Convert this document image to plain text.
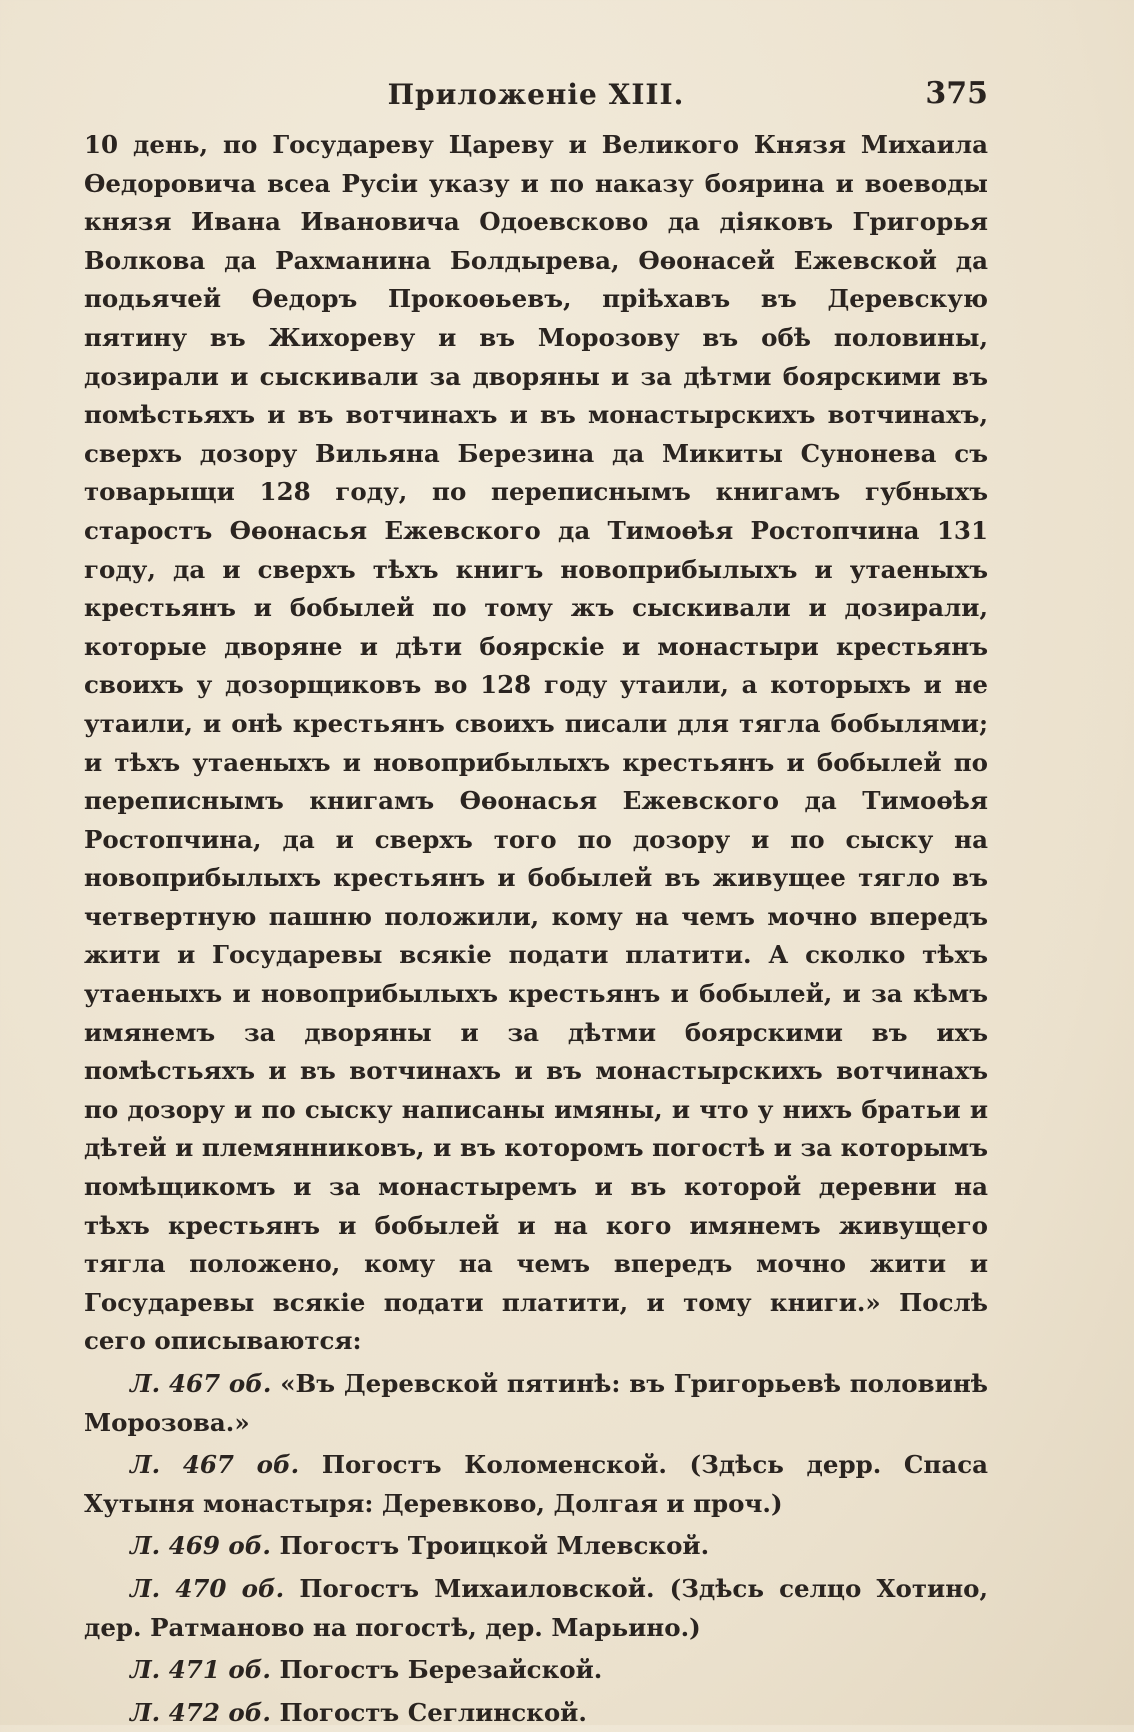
Приложеніе XIII.	375

10 день, по Государеву Цареву и Великого Князя Михаила Өедоровича всеа Русіи указу и по наказу боярина и воеводы князя Ивана Ивановича Одоевсково да діяковъ Григорья Волкова да Рахманина Болдырева, Өөонасей Ежевской да подьячей Өедоръ Прокоөьевъ, пріѣхавъ въ Деревскую пятину въ Жихореву и въ Морозову въ обѣ половины, дозирали и сыскивали за дворяны и за дѣтми боярскими въ помѣстьяхъ и въ вотчинахъ и въ монастырскихъ вотчинахъ, сверхъ дозору Вильяна Березина да Микиты Сунонева съ товарыщи 128 году, по переписнымъ книгамъ губныхъ старостъ Өөонасья Ежевского да Тимоөѣя Ростопчина 131 году, да и сверхъ тѣхъ книгъ новоприбылыхъ и утаеныхъ крестьянъ и бобылей по тому жъ сыскивали и дозирали, которые дворяне и дѣти боярскіе и монастыри крестьянъ своихъ у дозорщиковъ во 128 году утаили, а которыхъ и не утаили, и онѣ крестьянъ своихъ писали для тягла бобылями; и тѣхъ утаеныхъ и новоприбылыхъ крестьянъ и бобылей по переписнымъ книгамъ Өөонасья Ежевского да Тимоөѣя Ростопчина, да и сверхъ того по дозору и по сыску на новоприбылыхъ крестьянъ и бобылей въ живущее тягло въ четвертную пашню положили, кому на чемъ мочно впередъ жити и Государевы всякіе подати платити. А сколко тѣхъ утаеныхъ и новоприбылыхъ крестьянъ и бобылей, и за кѣмъ имянемъ за дворяны и за дѣтми боярскими въ ихъ помѣстьяхъ и въ вотчинахъ и въ монастырскихъ вотчинахъ по дозору и по сыску написаны имяны, и что у нихъ братьи и дѣтей и племянниковъ, и въ которомъ погостѣ и за которымъ помѣщикомъ и за монастыремъ и въ которой деревни на тѣхъ крестьянъ и бобылей и на кого имянемъ живущего тягла положено, кому на чемъ впередъ мочно жити и Государевы всякіе подати платити, и тому книги.» Послѣ сего описываются:

Л. 467 об. «Въ Деревской пятинѣ: въ Григорьевѣ половинѣ Морозова.»

Л. 467 об. Погостъ Коломенской. (Здѣсь дерр. Спаса Хутыня монастыря: Деревково, Долгая и проч.)

Л. 469 об. Погостъ Троицкой Млевской.

Л. 470 об. Погостъ Михаиловской. (Здѣсь селцо Хотино, дер. Ратманово на погостѣ, дер. Марьино.)

Л. 471 об. Погостъ Березайской.

Л. 472 об. Погостъ Сеглинской.
